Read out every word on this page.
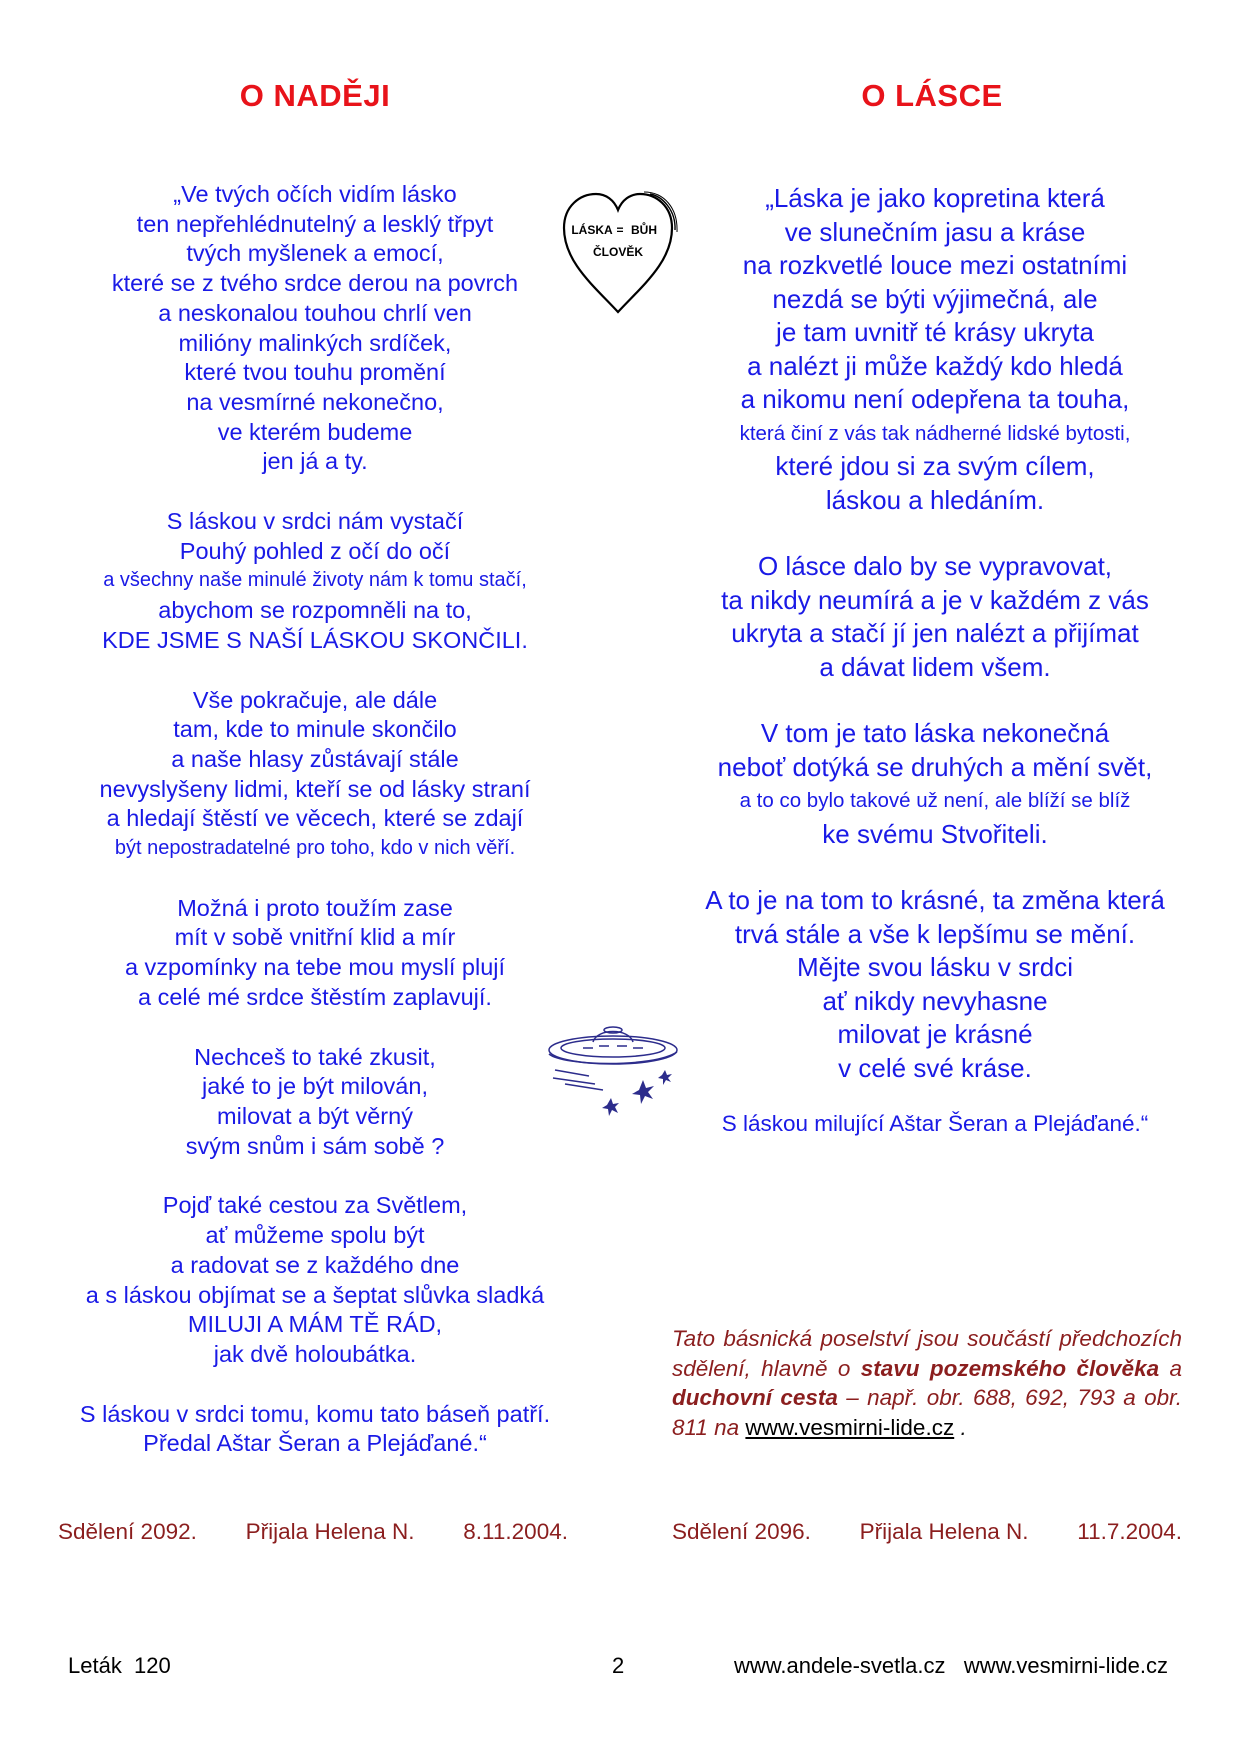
O NADĚJI	O LÁSCE
„Ve tvých očích vidím lásko
ten nepřehlédnutelný a lesklý třpyt
tvých myšlenek a emocí,
které se z tvého srdce derou na povrch
a neskonalou touhou chrlí ven
milióny malinkých srdíček,
které tvou touhu promění
na vesmírné nekonečno,
ve kterém budeme
jen já a ty.
S láskou v srdci nám vystačí
Pouhý pohled z očí do očí
a všechny naše minulé životy nám k tomu stačí,
abychom se rozpomněli na to,
KDE JSME S NAŠÍ LÁSKOU SKONČILI.
Vše pokračuje, ale dále
tam, kde to minule skončilo
a naše hlasy zůstávají stále
nevyslyšeny lidmi, kteří se od lásky straní
a hledají štěstí ve věcech, které se zdají
být nepostradatelné pro toho, kdo v nich věří.
Možná i proto toužím zase
mít v sobě vnitřní klid a mír
a vzpomínky na tebe mou myslí plují
a celé mé srdce štěstím zaplavují.
Nechceš to také zkusit,
jaké to je být milován,
milovat a být věrný
svým snům i sám sobě ?
Pojď také cestou za Světlem,
ať můžeme spolu být
a radovat se z každého dne
a s láskou objímat se a šeptat slůvka sladká
MILUJI A MÁM TĚ RÁD,
jak dvě holoubátka.
S láskou v srdci tomu, komu tato báseň patří.
Předal Aštar Šeran a Plejáďané.“
„Láska je jako kopretina která
ve slunečním jasu a kráse
na rozkvetlé louce mezi ostatními
nezdá se býti výjimečná, ale
je tam uvnitř té krásy ukryta
a nalézt ji může každý kdo hledá
a nikomu není odepřena ta touha,
která činí z vás tak nádherné lidské bytosti,
které jdou si za svým cílem,
láskou a hledáním.
O lásce dalo by se vypravovat,
ta nikdy neumírá a je v každém z vás
ukryta a stačí jí jen nalézt a přijímat
a dávat lidem všem.
V tom je tato láska nekonečná
neboť dotýká se druhých a mění svět,
a to co bylo takové už není, ale blíží se blíž
ke svému Stvořiteli.
A to je na tom to krásné, ta změna která
trvá stále a vše k lepšímu se mění.
Mějte svou lásku v srdci
ať nikdy nevyhasne
milovat je krásné
v celé své kráse.
S láskou milující Aštar Šeran a Plejáďané.“
LÁSKA = BŮH
ČLOVĚK
Tato básnická poselství jsou součástí předchozích sdělení, hlavně o stavu pozemského člověka a duchovní cesta – např. obr. 688, 692, 793 a obr. 811 na www.vesmirni-lide.cz .
Sdělení 2092. Přijala Helena N. 8.11.2004.	Sdělení 2096. Přijala Helena N. 11.7.2004.
Leták  120	2	www.andele-svetla.cz   www.vesmirni-lide.cz
